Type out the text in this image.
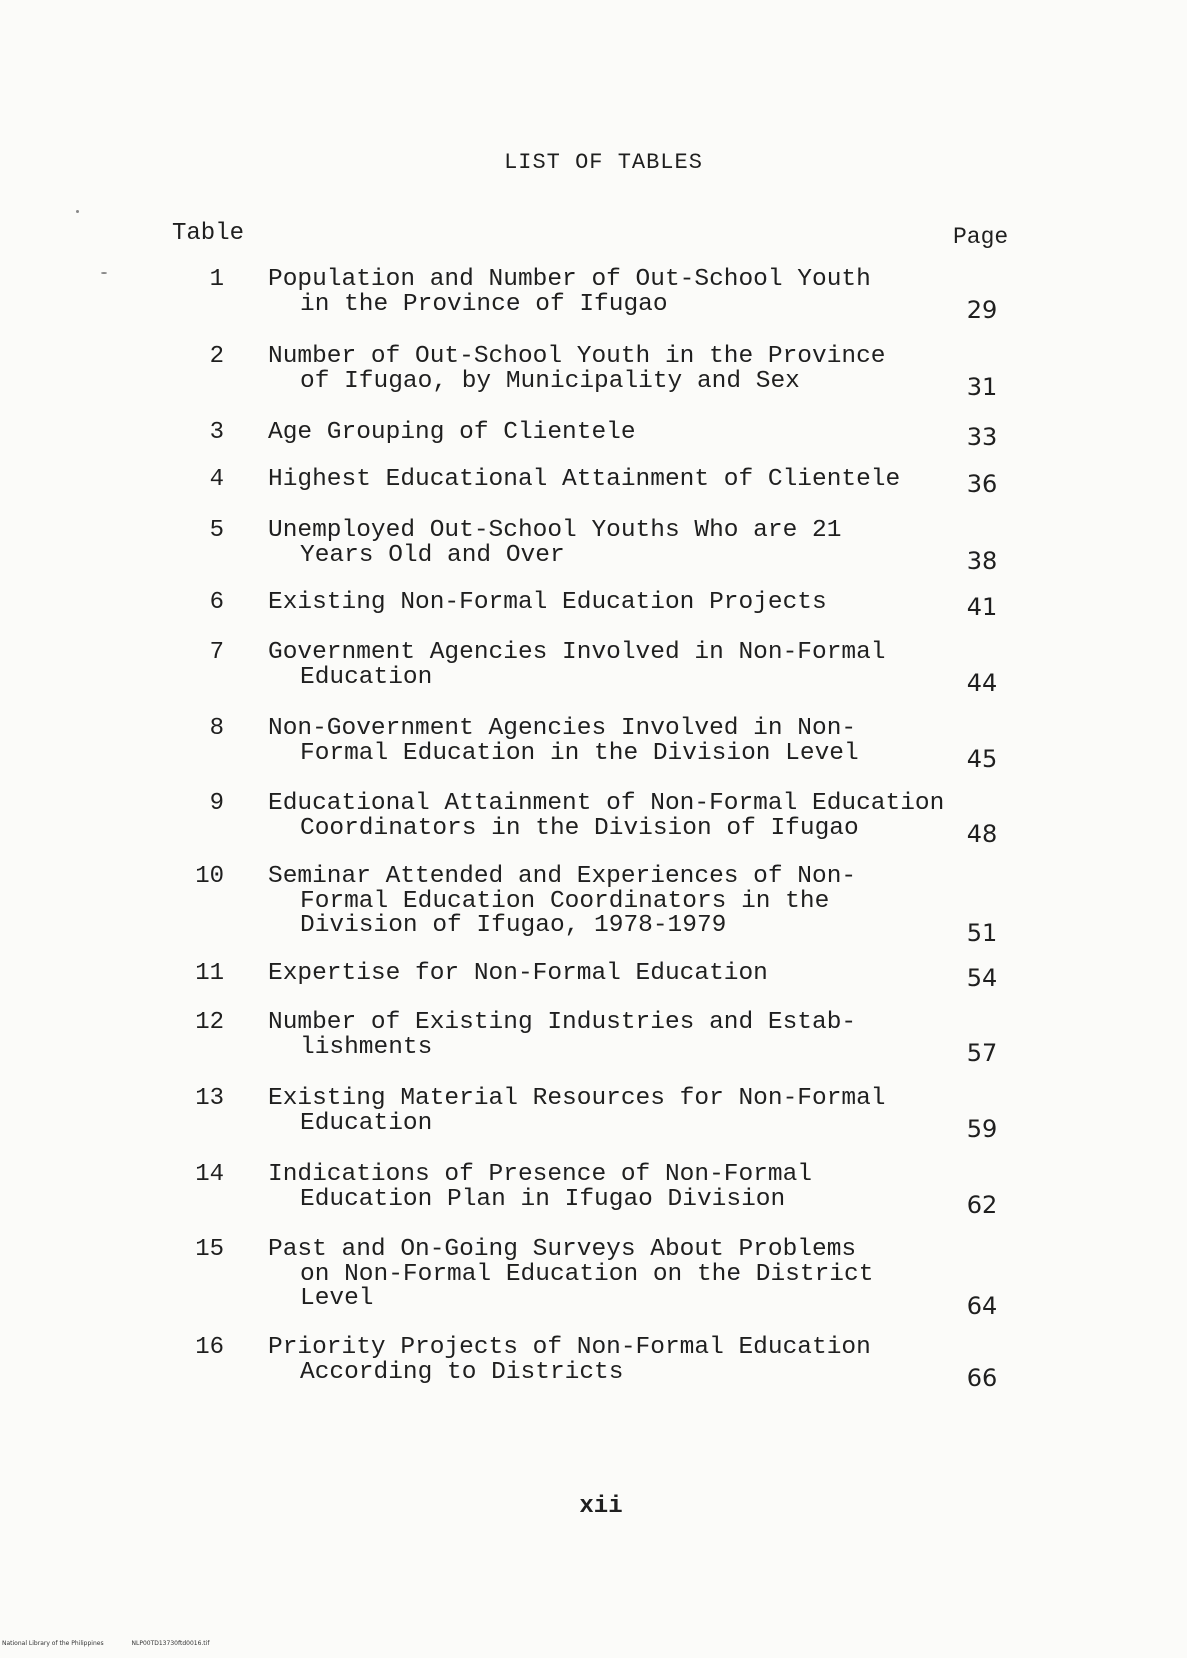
LIST OF TABLES
Table	Page
1 Population and Number of Out-School Youth
in the Province of Ifugao	29
2 Number of Out-School Youth in the Province
of Ifugao, by Municipality and Sex	31
3 Age Grouping of Clientele	33
4 Highest Educational Attainment of Clientele	36
5 Unemployed Out-School Youths Who are 21
Years Old and Over	38
6 Existing Non-Formal Education Projects	41
7 Government Agencies Involved in Non-Formal
Education	44
8 Non-Government Agencies Involved in Non-
Formal Education in the Division Level	45
9 Educational Attainment of Non-Formal Education
Coordinators in the Division of Ifugao	48
10 Seminar Attended and Experiences of Non-
Formal Education Coordinators in the
Division of Ifugao, 1978-1979	51
11 Expertise for Non-Formal Education	54
12 Number of Existing Industries and Estab-
lishments	57
13 Existing Material Resources for Non-Formal
Education	59
14 Indications of Presence of Non-Formal
Education Plan in Ifugao Division	62
15 Past and On-Going Surveys About Problems
on Non-Formal Education on the District
Level	64
16 Priority Projects of Non-Formal Education
According to Districts	66
xii
National Library of the Philippines	NLP00TD13730ftd0016.tif
